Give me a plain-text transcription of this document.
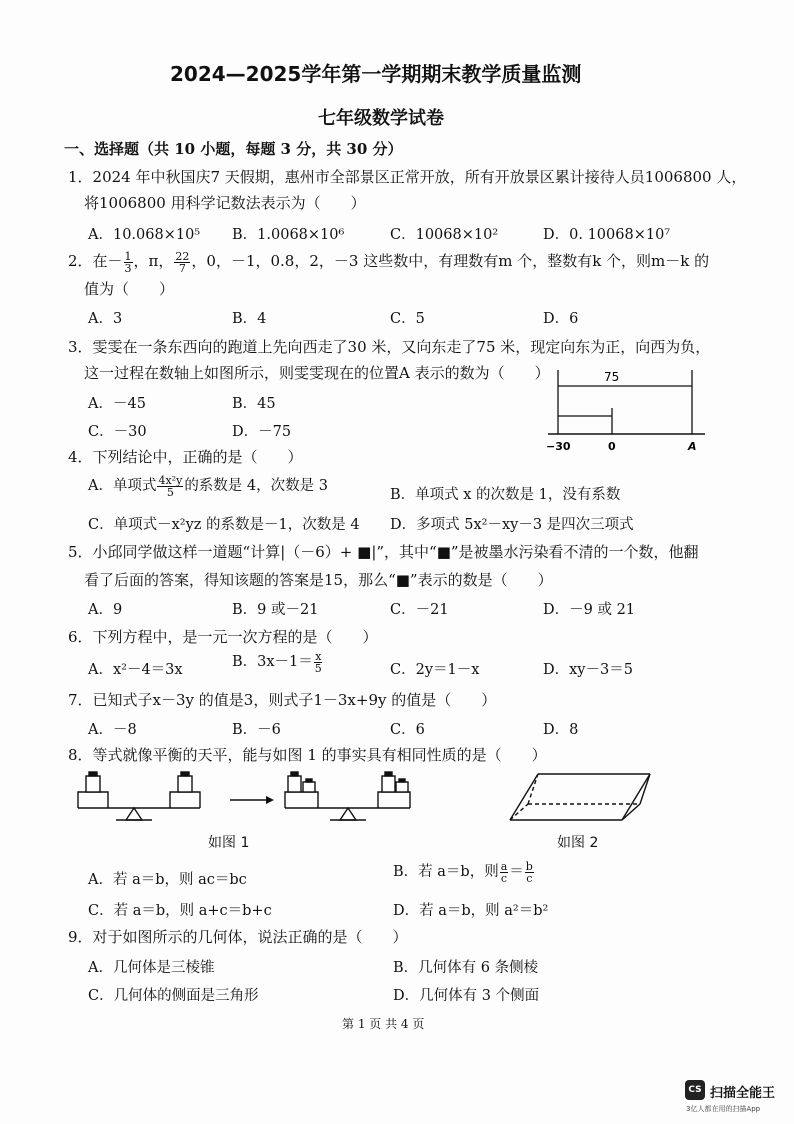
2024—2025学年第一学期期末教学质量监测
七年级数学试卷
一、选择题（共 10 小题，每题 3 分，共 30 分）
1．2024 年中秋国庆7 天假期，惠州市全部景区正常开放，所有开放景区累计接待人员1006800 人，
将1006800 用科学记数法表示为（　　）
A．10.068×10⁵ B．1.0068×10⁶	C．10068×10²	D．0. 10068×10⁷
2．在－ $\frac{1}{3}$ ，π， $\frac{22}{7}$ ，0，－1，0.8，2，－3 这些数中，有理数有m 个，整数有k 个，则m－k 的
值为（　　）
A．3	B．4	C．5	D．6
3．雯雯在一条东西向的跑道上先向西走了30 米，又向东走了75 米，现定向东为正，向西为负，
这一过程在数轴上如图所示，则雯雯现在的位置A 表示的数为（　　）
A．－45	B．45
C．－30	D．－75
75
−30	0	A
4．下列结论中，正确的是（　　）
A．单项式 $\frac{\text{4x²y}}{5}$ 的系数是 4，次数是 3
B．单项式 x 的次数是 1，没有系数
C．单项式－x²yz 的系数是－1，次数是 4 D．多项式 5x²－xy－3 是四次三项式
5．小邱同学做这样一道题“计算|（－6）+ ■|”，其中“■”是被墨水污染看不清的一个数，他翻
看了后面的答案，得知该题的答案是15，那么“■”表示的数是（　　）
A．9	B．9 或－21	C．－21	D．－9 或 21
6．下列方程中，是一元一次方程的是（　　）
A．x²－4＝3x	B．$3x-1= \frac{x}{5}$	C．2y＝1－x	D．xy－3＝5
7．已知式子x－3y 的值是3，则式子1－3x+9y 的值是（　　）
A．－8	B．－6	C．6	D．8
8．等式就像平衡的天平，能与如图 1 的事实具有相同性质的是（　　）
如图 1	如图 2
A．若 a＝b，则 ac＝bc	B．若 a＝b，则 $\frac{a}{c} = \frac{b}{c}$
C．若 a＝b，则 a+c＝b+c	D．若 a＝b，则 a²＝b²
9．对于如图所示的几何体，说法正确的是（　　）
A．几何体是三棱锥	B．几何体有 6 条侧棱
C．几何体的侧面是三角形	D．几何体有 3 个侧面
第 1 页 共 4 页
CS 扫描全能王
3亿人都在用的扫描App
